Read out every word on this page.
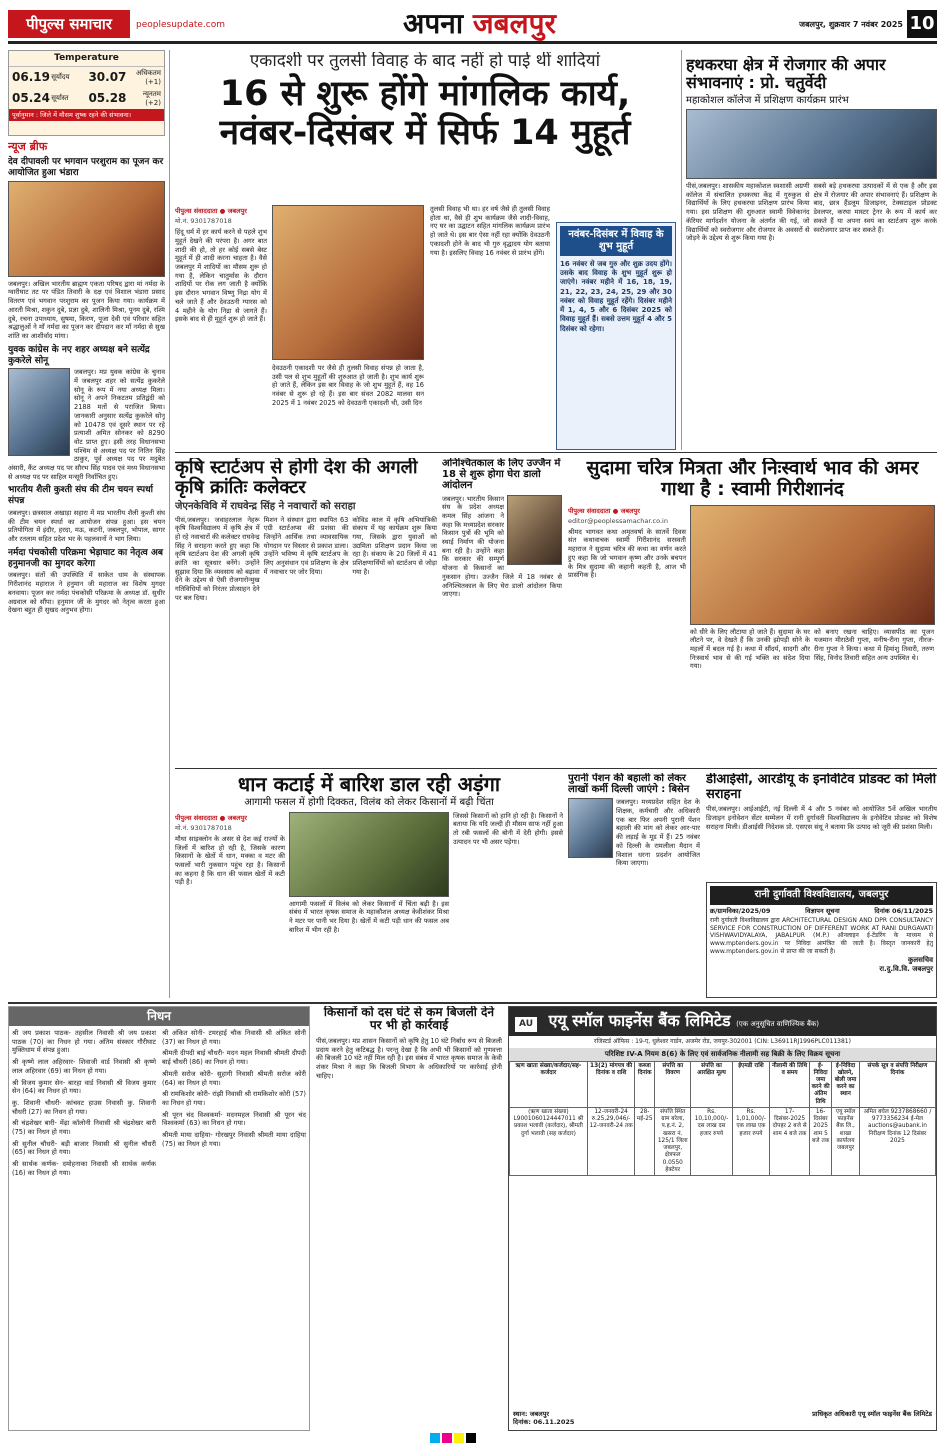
पीपुल्स समाचार	peoplesupdate.com	अपना जबलपुर	जबलपुर, शुक्रवार 7 नवंबर 2025 10
Temperature
06.19 सूर्योदय	30.07	अधिकतम (+1)
05.24 सूर्यास्त	05.28	न्यूनतम (+2)
पूर्वानुमान : जिले में मौसम शुष्क रहने की संभावना।
न्यूज ब्रीफ
देव दीपावली पर भगवान परशुराम का पूजन कर आयोजित हुआ भंडारा
जबलपुर। अखिल भारतीय ब्राह्मण एकता परिषद द्वारा मां नर्मदा के ग्वारीघाट तट पर पंडित तिवारी के दक्ष एवं विशाल भंडारा प्रसाद वितरण एवं भगवान परशुराम का पूजन किया गया। कार्यक्रम में आरती मिश्रा, शकुन दुबे, प्रज्ञा दुबे, शालिनी मिश्रा, पूनम दुबे, रश्मि दुबे, रचना उपाध्याय, सुषमा, किरण, पूजा देवी एवं परिवार सहित श्रद्धालुओं ने माँ नर्मदा का पूजन कर दीपदान कर माँ नर्मदा से सुख शांति का आशीर्वाद मांगा।
युवक कांग्रेस के नए शहर अध्यक्ष बने सत्येंद्र कुकरेले सोनू
जबलपुर। मप्र युवक कांग्रेस के चुनाव में जबलपुर शहर को सत्येंद्र कुकरेले सोनू के रूप में नया अध्यक्ष मिला। सोनू ने अपने निकटतम प्रतिद्वंदी को 2188 मतों से पराजित किया। जानकारी अनुसार सत्येंद्र कुकरेले सोनू को 10478 एवं दूसरे स्थान पर रहे प्रत्याशी अमित सोनकर को 8290 वोट प्राप्त हुए। इसी तरह विधानसभा पश्चिम से अध्यक्ष पद पर नितिन सिंह ठाकुर, पूर्व अध्यक्ष पद पर मदुबेत अंसारी, कैंट अध्यक्ष पद पर सौरभ सिंह यादव एवं मध्य विधानसभा से अध्यक्ष पद पर साहिल मन्सूरी निर्वाचित हुए।
भारतीय शैली कुश्ती संघ की टीम चयन स्पर्धा संपन्न
जबलपुर। छत्रसाल अखाड़ा सहारा में मप्र भारतीय शैली कुश्ती संघ की टीम चयन स्पर्धा का आयोजन संपन्न हुआ। इस चयन प्रतियोगिता में इंदौर, हरदा, मऊ, कटनी, जबलपुर, भोपाल, सागर और रतलाम सहित प्रदेश भर के पहलवानों ने भाग लिया।
नर्मदा पंचकोसी परिक्रमा भेड़ाघाट का नेतृत्व अब हनुमानजी का मुगदर करेगा
जबलपुर। संतों की उपस्थिति में साकेत धाम के संस्थापक गिरीशानंद महाराज ने हनुमान जी महाराज का विशेष मुगदर बनवाया। पूजन कर नर्मदा पंचकोसी परिक्रमा के अध्यक्ष डॉ. सुधीर अग्रवाल को सौंपा। हनुमान जी के मुगदर को नेतृत्व करता हुआ देखना बहुत ही सुखद अनुभव होगा।
एकादशी पर तुलसी विवाह के बाद नहीं हो पाई थीं शादियां
16 से शुरू होंगे मांगलिक कार्य,
नवंबर-दिसंबर में सिर्फ 14 मुहूर्त
पीपुल्स संवाददाता ● जबलपुर
मो.नं. 9301787018
हिंदू धर्म में हर कार्य करने से पहले शुभ मुहूर्त देखने की परंपरा है। अगर बात शादी की हो, तो हर कोई सबसे बेस्ट मुहूर्त में ही शादी करना चाहता है। वैसे जबलपुर में शादियों का मौसम शुरू हो गया है, लेकिन चातुर्मास के दौरान शादियों पर रोक लग जाती है क्योंकि इस दौरान भगवान विष्णु निद्रा योग में चले जाते हैं और देवउठनी ग्यारस को 4 महीने के योग निद्रा से जागते हैं। इसके बाद से ही मुहूर्त शुरू हो जाते हैं।
देवउठनी एकादशी पर जैसे ही तुलसी विवाह संपन्न हो जाता है, उसी पल से शुभ मुहूर्तों की शुरुआत हो जाती है। शुभ कार्य शुरू हो जाते हैं, लेकिन इस बार विवाह के जो शुभ मुहूर्त हैं, वह 16 नवंबर से शुरू हो रहे हैं। इस बार संवत 2082 मालवा सन 2025 में 1 नवंबर 2025 को देवउठनी एकादशी थी, उसी दिन
तुलसी विवाह भी था। हर वर्ष जैसे ही तुलसी विवाह होता था, वैसे ही शुभ कार्यक्रम जैसे शादी-विवाह, नए घर का उद्घाटन सहित मांगलिक कार्यक्रम प्रारंभ हो जाते थे। इस बार ऐसा नहीं रहा क्योंकि देवउठनी एकादशी होने के बाद भी गुरु वृद्धादय योग बताया गया है। इसलिए विवाह 16 नवंबर से प्रारंभ होंगे।
नवंबर-दिसंबर में विवाह के शुभ मुहूर्त
16 नवंबर से जब गुरु और शुक्र उदय होंगे। उसके बाद विवाह के शुभ मुहूर्त शुरू हो जाएंगे। नवंबर महीने में 16, 18, 19, 21, 22, 23, 24, 25, 29 और 30 नवंबर को विवाह मुहूर्त रहेंगे। दिसंबर महीने में 1, 4, 5 और 6 दिसंबर 2025 को विवाह मुहूर्त हैं। सबसे उत्तम मुहूर्त 4 और 5 दिसंबर को रहेगा।
हथकरघा क्षेत्र में रोजगार की अपार संभावनाएं : प्रो. चतुर्वेदी
महाकोशल कॉलेज में प्रशिक्षण कार्यक्रम प्रारंभ
पीसं,जबलपुर। शासकीय महाकोशल स्वशासी अग्रणी कॉलेज में संचालित हथकरघा केंद्र में गुरुकुल से विद्यार्थियों के लिए हथकरघा प्रशिक्षण प्रारंभ किया गया। इस प्रशिक्षण की शुरुआत स्वामी विवेकानंद कॅरियर मार्गदर्शन योजना के अंतर्गत की गई, जो विद्यार्थियों को स्वरोजगार और रोजगार के अवसरों से जोड़ने के उद्देश्य से शुरू किया गया है।
सबसे बड़े हथकरघा उत्पादकों में से एक है और इस क्षेत्र में रोजगार की अपार संभावनाएं हैं। प्रशिक्षण के बाद, छात्र हैंडलूम डिजाइनर, टेक्सटाइल प्रोडक्ट डेवलपर, करघा मास्टर ट्रेनर के रूप में कार्य कर सकते हैं या अपना स्वयं का स्टार्टअप शुरू करके स्वरोजगार प्राप्त कर सकते हैं।
कृषि स्टार्टअप से होगी देश की अगली कृषि क्रांतिः कलेक्टर
जेएनकेविवि में राघवेन्द्र सिंह ने नवाचारों को सराहा
पीसं,जबलपुर। जवाहरलाल नेहरू कृषि विश्वविद्यालय में कृषि क्षेत्र में हो रहे नवाचारों की कलेक्टर राघवेन्द्र सिंह ने सराहना करते हुए कहा कि कृषि स्टार्टअप देश की अगली कृषि क्रांति का सूत्रधार बनेंगे। उन्होंने सुझाव दिया कि व्यवसाय को बढ़ावा देने के उद्देश्य से ऐसी रोजगारोन्मुख गतिविधियों को निरंतर प्रोत्साहन देने पर बल दिया।
मिशन ने संस्थान द्वारा स्थापित 63 एग्री स्टार्टअप्स की प्रशंसा की जिन्होंने आर्थिक तथा व्यावसायिक योगदान पर विस्तार से प्रकाश डाला। उन्होंने भविष्य में कृषि स्टार्टअप के लिए अनुसंधान एवं प्रशिक्षण के क्षेत्र में नवाचार पर जोर दिया।
कोविड काल में कृषि अभियांत्रिकी संकाय में यह कार्यक्रम शुरू किया गया, जिसके द्वारा युवाओं को उद्यमिता प्रशिक्षण प्रदान किया जा रहा है। संकाय के 20 जिलों में 41 प्रशिक्षणार्थियों को स्टार्टअप से जोड़ा गया है।
अनिश्चितकाल के लिए उज्जैन में 18 से शुरू होगा घेरा डालो आंदोलन
जबलपुर। भारतीय किसान संघ के प्रदेश अध्यक्ष कमल सिंह आंजना ने कहा कि मध्यप्रदेश सरकार किसान पुत्रों की भूमि को स्थाई निर्माण की योजना बना रही है। उन्होंने कहा कि सरकार की सम्पूर्ण योजना से किसानों का नुकसान होगा। उज्जैन जिले में 18 नवंबर से अनिश्चितकाल के लिए घेरा डालो आंदोलन किया जाएगा।
सुदामा चरित्र मित्रता और निःस्वार्थ भाव की अमर गाथा है : स्वामी गिरीशानंद
पीपुल्स संवाददाता ● जबलपुर
editor@peoplessamachar.co.in
श्रीमद भागवत कथा अमृतवर्षा के सातवें दिवस संत कथावाचक स्वामी गिरीशानंद सरस्वती महाराज ने सुदामा चरित्र की कथा का वर्णन करते हुए कहा कि जो भगवान कृष्ण और उनके बचपन के मित्र सुदामा की कहानी कहती है, आज भी प्रासंगिक है।
को धीरे के लिए लौटाया हो जाते हैं। सुदामा के घर लौटने पर, वे देखते हैं कि उनकी झोपड़ी सोने के महलों में बदल गई है। कथा में सौंदर्य, सादगी और निःस्वार्थ भाव से की गई भक्ति का संदेश दिया गया।
को बनाए रखना चाहिए। व्यासपीठ का पूजन यजमान मीराठेवी गुप्ता, मनीष-रीना गुप्ता, नीरज-रीना गुप्ता ने किया। कथा में हिमांशु तिवारी, तरुण सिंह, विनोद तिवारी सहित अन्य उपस्थित थे।
धान कटाई में बारिश डाल रही अड़ंगा
आगामी फसल में होगी दिक्कत, विलंब को लेकर किसानों में बढ़ी चिंता
पीपुल्स संवाददाता ● जबलपुर
मो.नं. 9301787018
मौथा साइक्लोन के असर से देश कई राज्यों के जिलों में बारिश हो रही है, जिसके कारण किसानों के खेतों में धान, मक्का व मटर की फसलों भारी नुकसान पहुंच रहा है। किसानों का कहना है कि धान की फसल खेतों में कटी पड़ी है।
आगामी फसलों में विलंब को लेकर किसानों में चिंता बढ़ी है। इस संबंध में भारत कृषक समाज के महाकौशल अध्यक्ष केवीशंकर मिश्रा ने मटर पर पानी भर दिया है। खेतों में कटी पड़ी धान की फसल अब बारिश में भीग रही है।
जिससे किसानों को हानि हो रही है। किसानों ने बताया कि यदि जल्दी ही मौसम साफ नहीं हुआ तो रबी फसलों की बोनी में देरी होगी। इससे उत्पादन पर भी असर पड़ेगा।
पुरानी पेंशन की बहाली को लेकर लाखों कर्मी दिल्ली जाएंगे : बिसेन
जबलपुर। मध्यप्रदेश सहित देश के शिक्षक, कर्मचारी और अधिकारी एक बार फिर अपनी पुरानी पेंशन बहाली की मांग को लेकर आर-पार की लड़ाई के मूड में हैं। 25 नवंबर को दिल्ली के रामलीला मैदान में विशाल धरना प्रदर्शन आयोजित किया जाएगा।
डीआईसी, आरडीयू के इनोवेटिव प्रोडक्ट को मिली सराहना
पीसं,जबलपुर। आईआईटी, नई दिल्ली में 4 और 5 नवंबर को आयोजित 5वें अखिल भारतीय डिजाइन इनोवेशन सेंटर सम्मेलन में रानी दुर्गावती विश्वविद्यालय के इनोवेटिव प्रोडक्ट को विशेष सराहना मिली। डीआईसी निदेशक प्रो. एसएस संधू ने बताया कि उत्पाद को जूरी की प्रशंसा मिली।
रानी दुर्गावती विश्वविद्यालय, जबलपुर
क्र/ग्रामविका/2025/09	विज्ञापन सूचना	दिनांक 06/11/2025
रानी दुर्गावती विश्वविद्यालय द्वारा ARCHITECTURAL DESIGN AND DPR CONSULTANCY SERVICE FOR CONSTRUCTION OF DIFFERENT WORK AT RANI DURGAVATI VISHWAVIDYALAYA, JABALPUR (M.P.) ऑनलाइन ई-टेंडरिंग के माध्यम से www.mptenders.gov.in पर निविदा आमंत्रित की जाती है। विस्तृत जानकारी हेतु www.mptenders.gov.in से प्राप्त की जा सकती है।
कुलसचिव
रा.दु.वि.वि. जबलपुर
निधन

श्री जय प्रकाश पाठक- तहसील निवासी श्री जय प्रकाश पाठक (70) का निधन हो गया। अंतिम संस्कार गौरीघाट मुक्तिधाम में संपन्न हुआ।

श्री कृष्णे लाल अहिरवार- शिवाजी वार्ड निवासी श्री कृष्णे लाल अहिरवार (69) का निधन हो गया।

श्री विजय कुमार सेन- बारहा वार्ड निवासी श्री विजय कुमार सेन (64) का निधन हो गया।

कु. शिवानी चौधरी- कांचवट हाउस निवासी कु. शिवानी चौधरी (27) का निधन हो गया।

श्री चंद्रशेखर बारी- मेंढ़ा कॉलोनी निवासी श्री चंद्रशेखर बारी (75) का निधन हो गया।

श्री सुनील चौधरी- बड़ी बाजार निवासी श्री सुनील चौधरी (65) का निधन हो गया।

श्री सार्थक कर्णक- दमोहनाका निवासी श्री सार्थक कर्णक (16) का निधन हो गया।

श्री अंकित सोनी- टमरहाई चौक निवासी श्री अंकित सोनी (37) का निधन हो गया।

श्रीमती दीपदी बाई चौधरी- मदन महल निवासी श्रीमती दीपदी बाई चौधरी (86) का निधन हो गया।

श्रीमती सरोज कोरी- सुहागी निवासी श्रीमती सरोज कोरी (64) का निधन हो गया।

श्री रामकिशोर कोरी- रांझी निवासी श्री रामकिशोर कोरी (57) का निधन हो गया।

श्री पूरन चंद विश्वकर्मा- मदनमहल निवासी श्री पूरन चंद विश्वकर्मा (63) का निधन हो गया।

श्रीमती माया दाहिया- गोरखपुर निवासी श्रीमती माया दाहिया (75) का निधन हो गया।

किसानों को दस घंटे से कम बिजली देने पर भी हो कार्रवाई
पीसं,जबलपुर। मप्र शासन किसानों को कृषि हेतु 10 घंटे निर्बाध रूप से बिजली प्रदाय करने हेतु कटिबद्ध है। परन्तु देखा है कि अभी भी किसानों को गुणवत्ता की बिजली 10 घंटे नहीं मिल रही है। इस संबंध में भारत कृषक समाज के केवी शंकर मिश्रा ने कहा कि बिजली विभाग के अधिकारियों पर कार्रवाई होनी चाहिए।
AU एयू स्मॉल फाइनेंस बैंक लिमिटेड (एक अनुसूचित वाणिज्यिक बैंक)
रजिस्टर्ड ऑफिस : 19-ए, धुलेश्वर गार्डन, अजमेर रोड, जयपुर-302001 (CIN: L36911RJ1996PLC011381)
परिशिष्ट IV-A नियम 8(6) के लिए एवं सार्वजनिक नीलामी सह बिक्री के लिए विक्रय सूचना
ऋण खाता संख्या/कर्जदार/सह-कर्जदार	13(2) मांगपत्र की दिनांक व राशि	कब्जा दिनांक	संपत्ति का विवरण	संपत्ति का आरक्षित मूल्य	ईएमडी राशि	नीलामी की तिथि व समय	ई-निविदा जमा करने की अंतिम तिथि	ई-निविदा खोलने, बोली जमा करने का स्थान	संपर्क सूत्र व संपत्ति निरीक्षण दिनांक
(ऋण खाता संख्या) L9001060124447011 श्री प्रकाश भलावी (कर्जदार), श्रीमती दुर्गा भलावी (सह कर्जदार)	12-जनवरी-24 रु.25,29,046/- 12-जनवरी-24 तक	28-मई-25	संपत्ति स्थित ग्राम बरेला, प.ह.नं. 2, खसरा नं. 125/1 जिला जबलपुर, क्षेत्रफल 0.0550 हेक्टेयर	Rs. 10,10,000/- दस लाख दस हजार रुपये	Rs. 1,01,000/- एक लाख एक हजार रुपये	17-दिसंबर-2025 दोपहर 2 बजे से शाम 4 बजे तक	16-दिसंबर 2025 शाम 5 बजे तक	एयू स्मॉल फाइनेंस बैंक लि., शाखा कार्यालय जबलपुर	अमित बघेल 9237868660 / 9773356234 ई-मेल auctions@aubank.in निरीक्षण दिनांक 12 दिसंबर 2025
स्थान: जबलपुर
दिनांक: 06.11.2025
प्राधिकृत अधिकारी एयू स्मॉल फाइनेंस बैंक लिमिटेड
